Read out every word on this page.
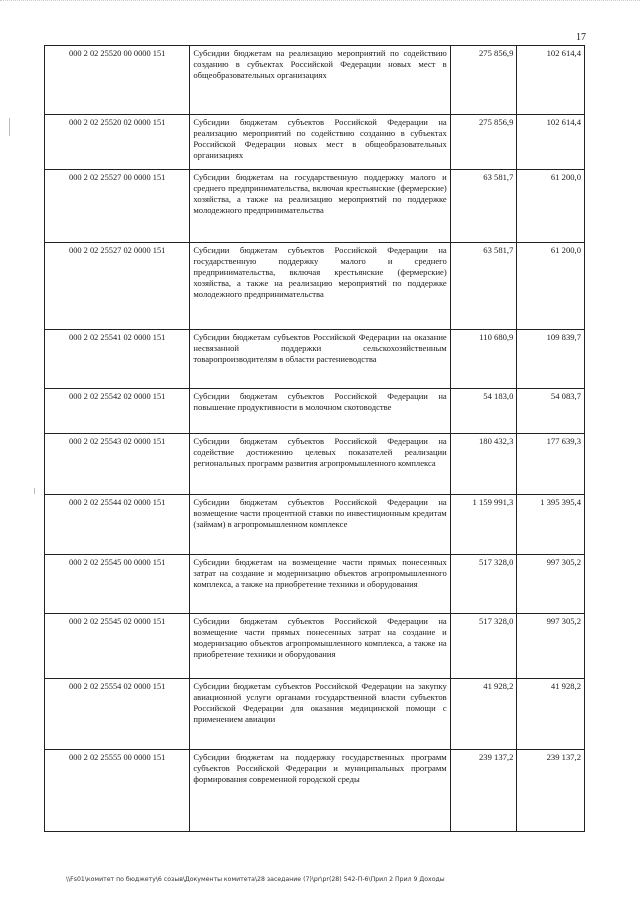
17
000 2 02 25520 00 0000 151	Субсидии бюджетам на реализацию мероприятий по содействию созданию в субъектах Российской Федерации новых мест в общеобразовательных организациях	275 856,9	102 614,4
000 2 02 25520 02 0000 151	Субсидии бюджетам субъектов Российской Федерации на реализацию мероприятий по содействию созданию в субъектах Российской Федерации новых мест в общеобразовательных организациях	275 856,9	102 614,4
000 2 02 25527 00 0000 151	Субсидии бюджетам на государственную поддержку малого и среднего предпринимательства, включая крестьянские (фермерские) хозяйства, а также на реализацию мероприятий по поддержке молодежного предпринимательства	63 581,7	61 200,0
000 2 02 25527 02 0000 151	Субсидии бюджетам субъектов Российской Федерации на государственную поддержку малого и среднего предпринимательства, включая крестьянские (фермерские) хозяйства, а также на реализацию мероприятий по поддержке молодежного предпринимательства	63 581,7	61 200,0
000 2 02 25541 02 0000 151	Субсидии бюджетам субъектов Российской Федерации на оказание несвязанной поддержки сельскохозяйственным товаропроизводителям в области растениеводства	110 680,9	109 839,7
000 2 02 25542 02 0000 151	Субсидии бюджетам субъектов Российской Федерации на повышение продуктивности в молочном скотоводстве	54 183,0	54 083,7
000 2 02 25543 02 0000 151	Субсидии бюджетам субъектов Российской Федерации на содействие достижению целевых показателей реализации региональных программ развития агропромышленного комплекса	180 432,3	177 639,3
000 2 02 25544 02 0000 151	Субсидии бюджетам субъектов Российской Федерации на возмещение части процентной ставки по инвестиционным кредитам (займам) в агропромышленном комплексе	1 159 991,3	1 395 395,4
000 2 02 25545 00 0000 151	Субсидии бюджетам на возмещение части прямых понесенных затрат на создание и модернизацию объектов агропромышленного комплекса, а также на приобретение техники и оборудования	517 328,0	997 305,2
000 2 02 25545 02 0000 151	Субсидии бюджетам субъектов Российской Федерации на возмещение части прямых понесенных затрат на создание и модернизацию объектов агропромышленного комплекса, а также на приобретение техники и оборудования	517 328,0	997 305,2
000 2 02 25554 02 0000 151	Субсидии бюджетам субъектов Российской Федерации на закупку авиационной услуги органами государственной власти субъектов Российской Федерации для оказания медицинской помощи с применением авиации	41 928,2	41 928,2
000 2 02 25555 00 0000 151	Субсидии бюджетам на поддержку государственных программ субъектов Российской Федерации и муниципальных программ формирования современной городской среды	239 137,2	239 137,2
\\Fs01\комитет по бюджету\6 созыв\Документы комитета\28 заседание (7)\pr\pr(28) 542-П-6\Прил 2 Прил 9 Доходы
